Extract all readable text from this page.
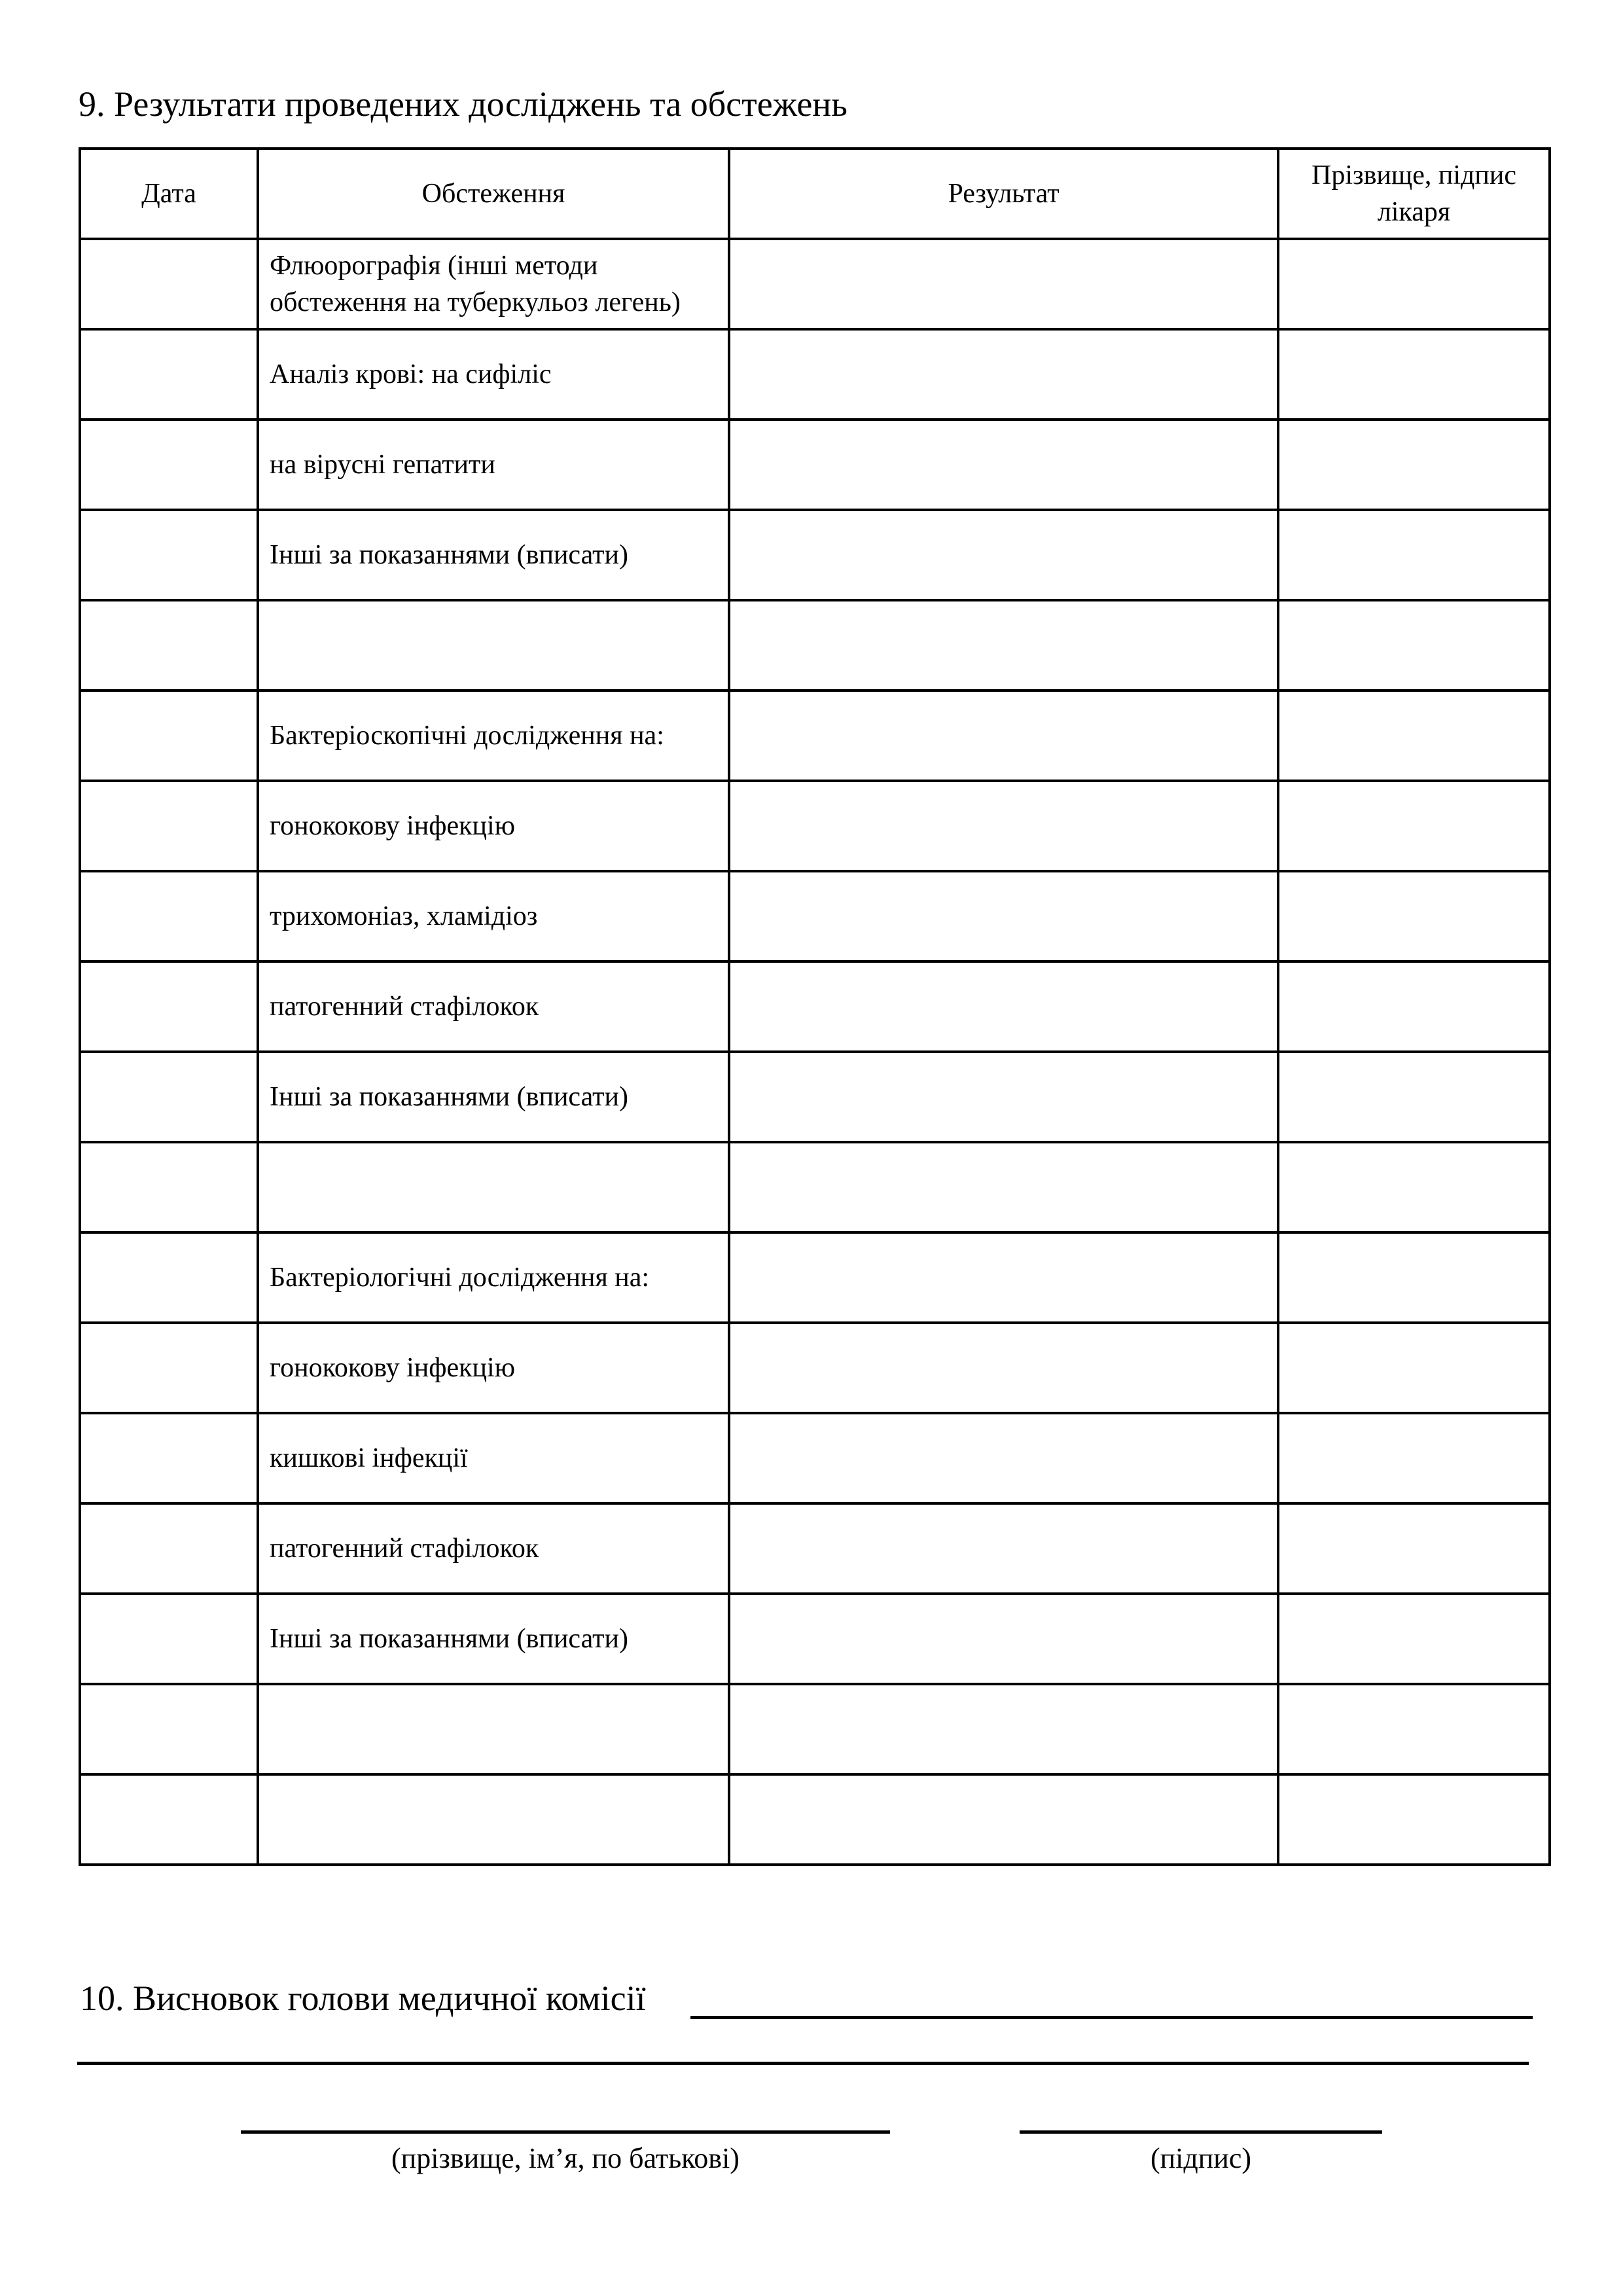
9. Результати проведених досліджень та обстежень
Дата	Обстеження	Результат	Прізвище, підпис лікаря
	Флюорографія (інші методи обстеження на туберкульоз легень)		
	Аналіз крові: на сифіліс		
	на вірусні гепатити		
	Інші за показаннями (вписати)		

	Бактеріоскопічні дослідження на:		
	гонококову інфекцію		
	трихомоніаз, хламідіоз		
	патогенний стафілокок		
	Інші за показаннями (вписати)		

	Бактеріологічні дослідження на:		
	гонококову інфекцію		
	кишкові інфекції		
	патогенний стафілокок		
	Інші за показаннями (вписати)		

10. Висновок голови медичної комісії
(прізвище, ім’я, по батькові)	(підпис)
